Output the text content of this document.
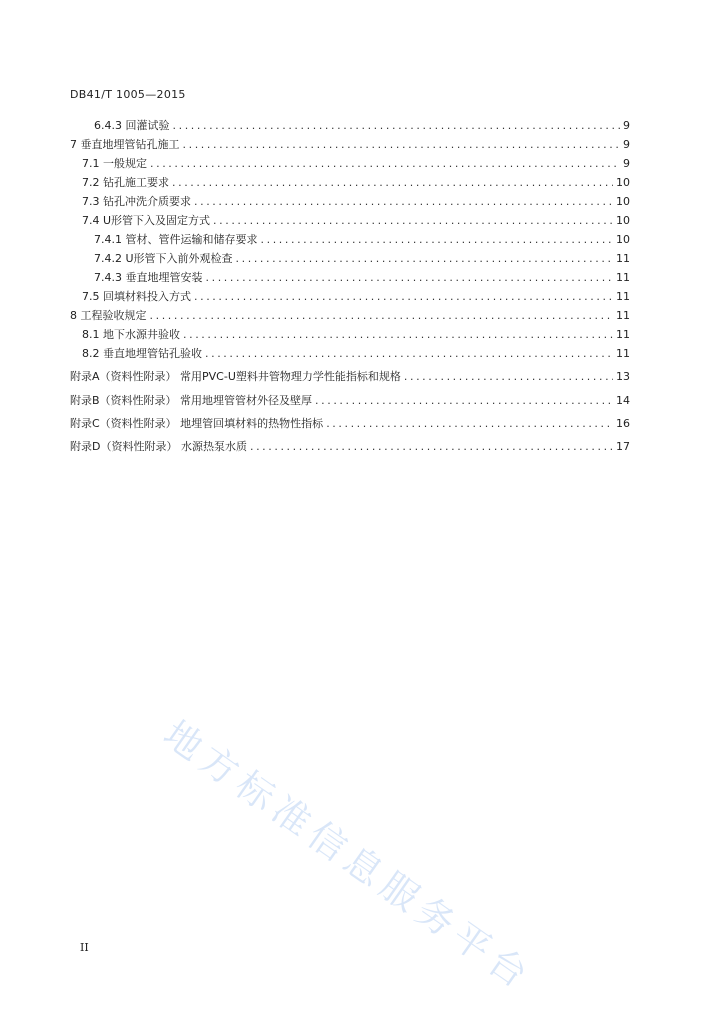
DB41/T 1005—2015
6.4.3 回灌试验 .....	9
7 垂直地埋管钻孔施工 .....	9
7.1 一般规定 .....	9
7.2 钻孔施工要求 .....	10
7.3 钻孔冲洗介质要求 .....	10
7.4 U形管下入及固定方式 .....	10
7.4.1 管材、管件运输和储存要求 .....	10
7.4.2 U形管下入前外观检查 .....	11
7.4.3 垂直地埋管安装 .....	11
7.5 回填材料投入方式 .....	11
8 工程验收规定 .....	11
8.1 地下水源井验收 .....	11
8.2 垂直地埋管钻孔验收 .....	11
附录A（资料性附录） 常用PVC-U塑料井管物理力学性能指标和规格 .....	13
附录B（资料性附录） 常用地埋管管材外径及壁厚 .....	14
附录C（资料性附录） 地埋管回填材料的热物性指标 .....	16
附录D（资料性附录） 水源热泵水质 .....	17
地方标准信息服务平台
II
